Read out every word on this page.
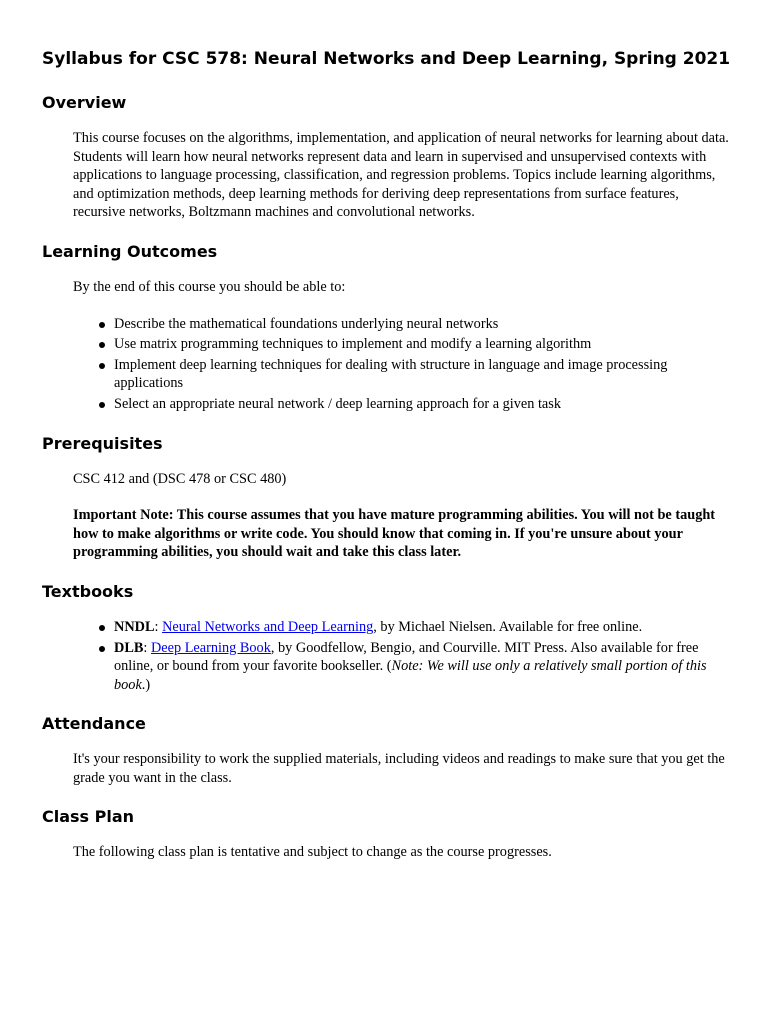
Syllabus for CSC 578: Neural Networks and Deep Learning, Spring 2021
Overview

This course focuses on the algorithms, implementation, and application of neural networks for learning about data. Students will learn how neural networks represent data and learn in supervised and unsupervised contexts with applications to language processing, classification, and regression problems. Topics include learning algorithms, and optimization methods, deep learning methods for deriving deep representations from surface features, recursive networks, Boltzmann machines and convolutional networks.

Learning Outcomes

By the end of this course you should be able to:

Describe the mathematical foundations underlying neural networks
Use matrix programming techniques to implement and modify a learning algorithm
Implement deep learning techniques for dealing with structure in language and image processing applications
Select an appropriate neural network / deep learning approach for a given task
Prerequisites

CSC 412 and (DSC 478 or CSC 480)

Important Note: This course assumes that you have mature programming abilities. You will not be taught how to make algorithms or write code. You should know that coming in. If you're unsure about your programming abilities, you should wait and take this class later.

Textbooks
NNDL: Neural Networks and Deep Learning, by Michael Nielsen. Available for free online.
DLB: Deep Learning Book, by Goodfellow, Bengio, and Courville. MIT Press. Also available for free online, or bound from your favorite bookseller. (Note: We will use only a relatively small portion of this book.)
Attendance

It's your responsibility to work the supplied materials, including videos and readings to make sure that you get the grade you want in the class.

Class Plan

The following class plan is tentative and subject to change as the course progresses.
